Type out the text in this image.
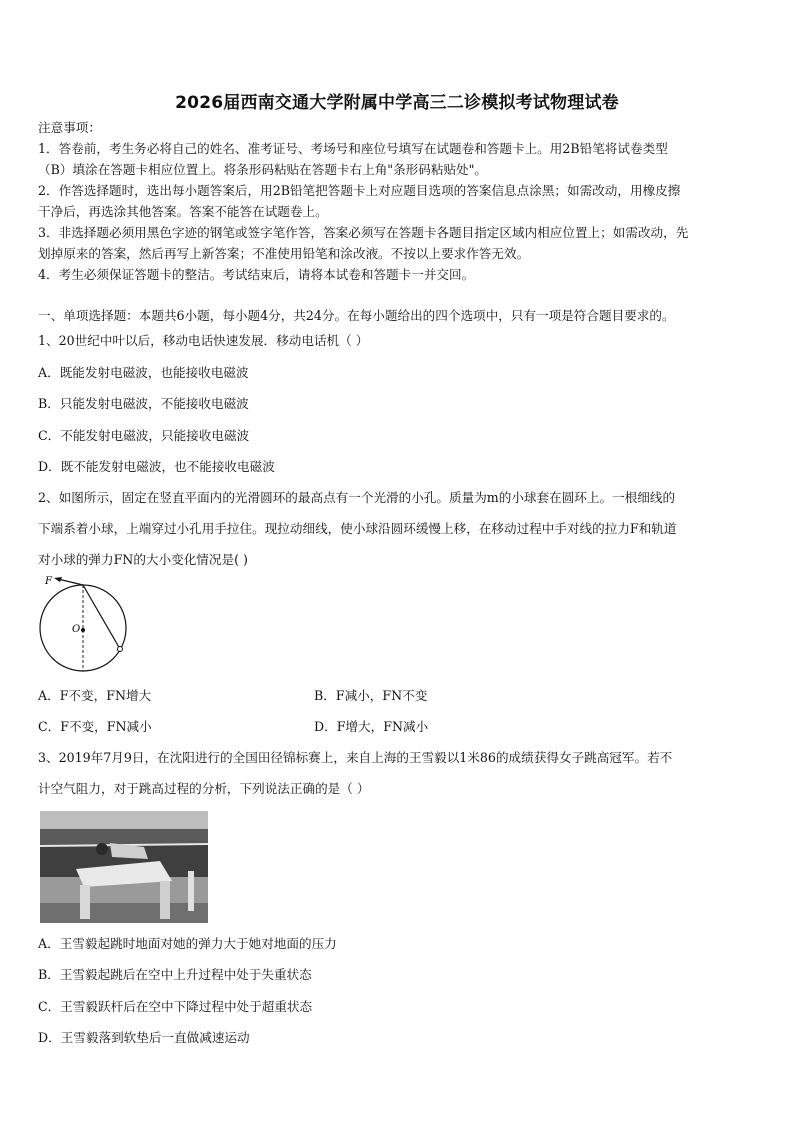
2026届西南交通大学附属中学高三二诊模拟考试物理试卷
注意事项：
1．答卷前，考生务必将自己的姓名、准考证号、考场号和座位号填写在试题卷和答题卡上。用2B铅笔将试卷类型
（B）填涂在答题卡相应位置上。将条形码粘贴在答题卡右上角"条形码粘贴处"。
2．作答选择题时，选出每小题答案后，用2B铅笔把答题卡上对应题目选项的答案信息点涂黑；如需改动，用橡皮擦
干净后，再选涂其他答案。答案不能答在试题卷上。
3．非选择题必须用黑色字迹的钢笔或签字笔作答，答案必须写在答题卡各题目指定区域内相应位置上；如需改动，先
划掉原来的答案，然后再写上新答案；不准使用铅笔和涂改液。不按以上要求作答无效。
4．考生必须保证答题卡的整洁。考试结束后，请将本试卷和答题卡一并交回。
一、单项选择题：本题共6小题，每小题4分，共24分。在每小题给出的四个选项中，只有一项是符合题目要求的。
1、20世纪中叶以后，移动电话快速发展．移动电话机（ ）
A．既能发射电磁波，也能接收电磁波
B．只能发射电磁波，不能接收电磁波
C．不能发射电磁波，只能接收电磁波
D．既不能发射电磁波，也不能接收电磁波
2、如图所示，固定在竖直平面内的光滑圆环的最高点有一个光滑的小孔。质量为m的小球套在圆环上。一根细线的
下端系着小球，上端穿过小孔用手拉住。现拉动细线，使小球沿圆环缓慢上移，在移动过程中手对线的拉力F和轨道
对小球的弹力FN的大小变化情况是( )
F
O
A．F不变，FN增大	B．F减小，FN不变
C．F不变，FN减小	D．F增大，FN减小
3、2019年7月9日，在沈阳进行的全国田径锦标赛上，来自上海的王雪毅以1米86的成绩获得女子跳高冠军。若不
计空气阻力，对于跳高过程的分析，下列说法正确的是（ ）
A．王雪毅起跳时地面对她的弹力大于她对地面的压力
B．王雪毅起跳后在空中上升过程中处于失重状态
C．王雪毅跃杆后在空中下降过程中处于超重状态
D．王雪毅落到软垫后一直做减速运动
